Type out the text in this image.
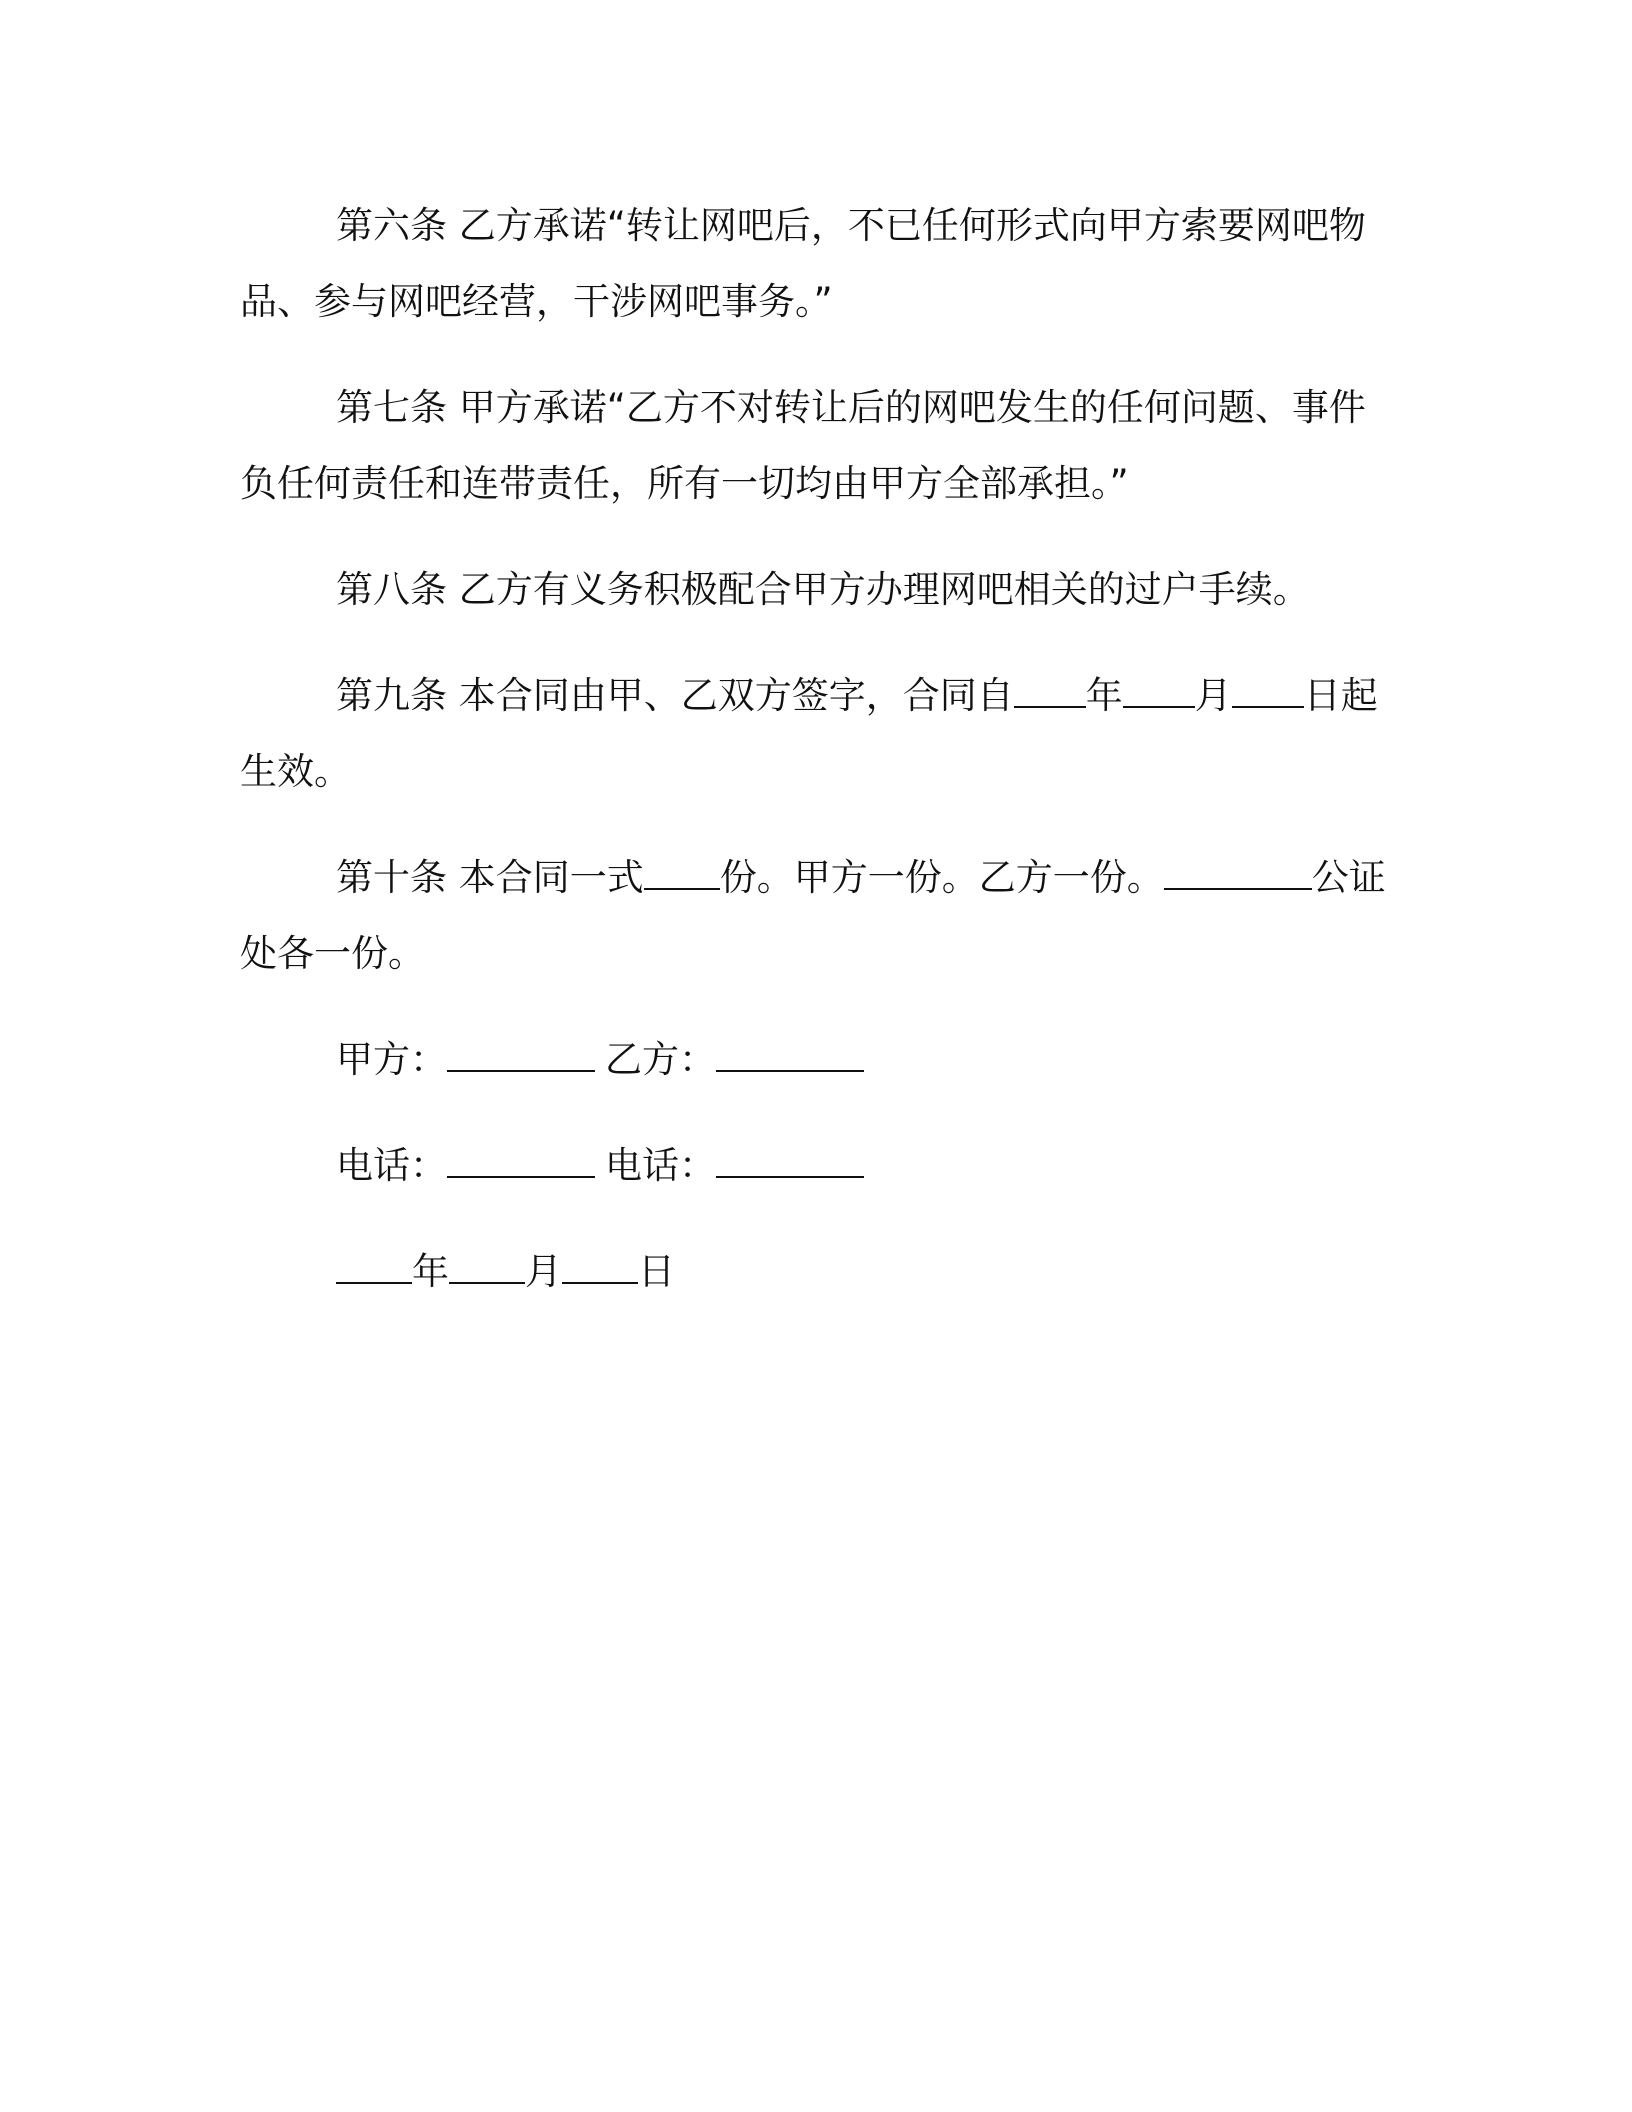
第六条 乙方承诺“转让网吧后，不已任何形式向甲方索要网吧物品、参与网吧经营，干涉网吧事务。”

第七条 甲方承诺“乙方不对转让后的网吧发生的任何问题、事件负任何责任和连带责任，所有一切均由甲方全部承担。”

第八条 乙方有义务积极配合甲方办理网吧相关的过户手续。

第九条 本合同由甲、乙双方签字，合同自 年 月 日起生效。

第十条 本合同一式 份。甲方一份。乙方一份。	公证处各一份。

甲方：	乙方：
电话：	电话：
年 月 日
